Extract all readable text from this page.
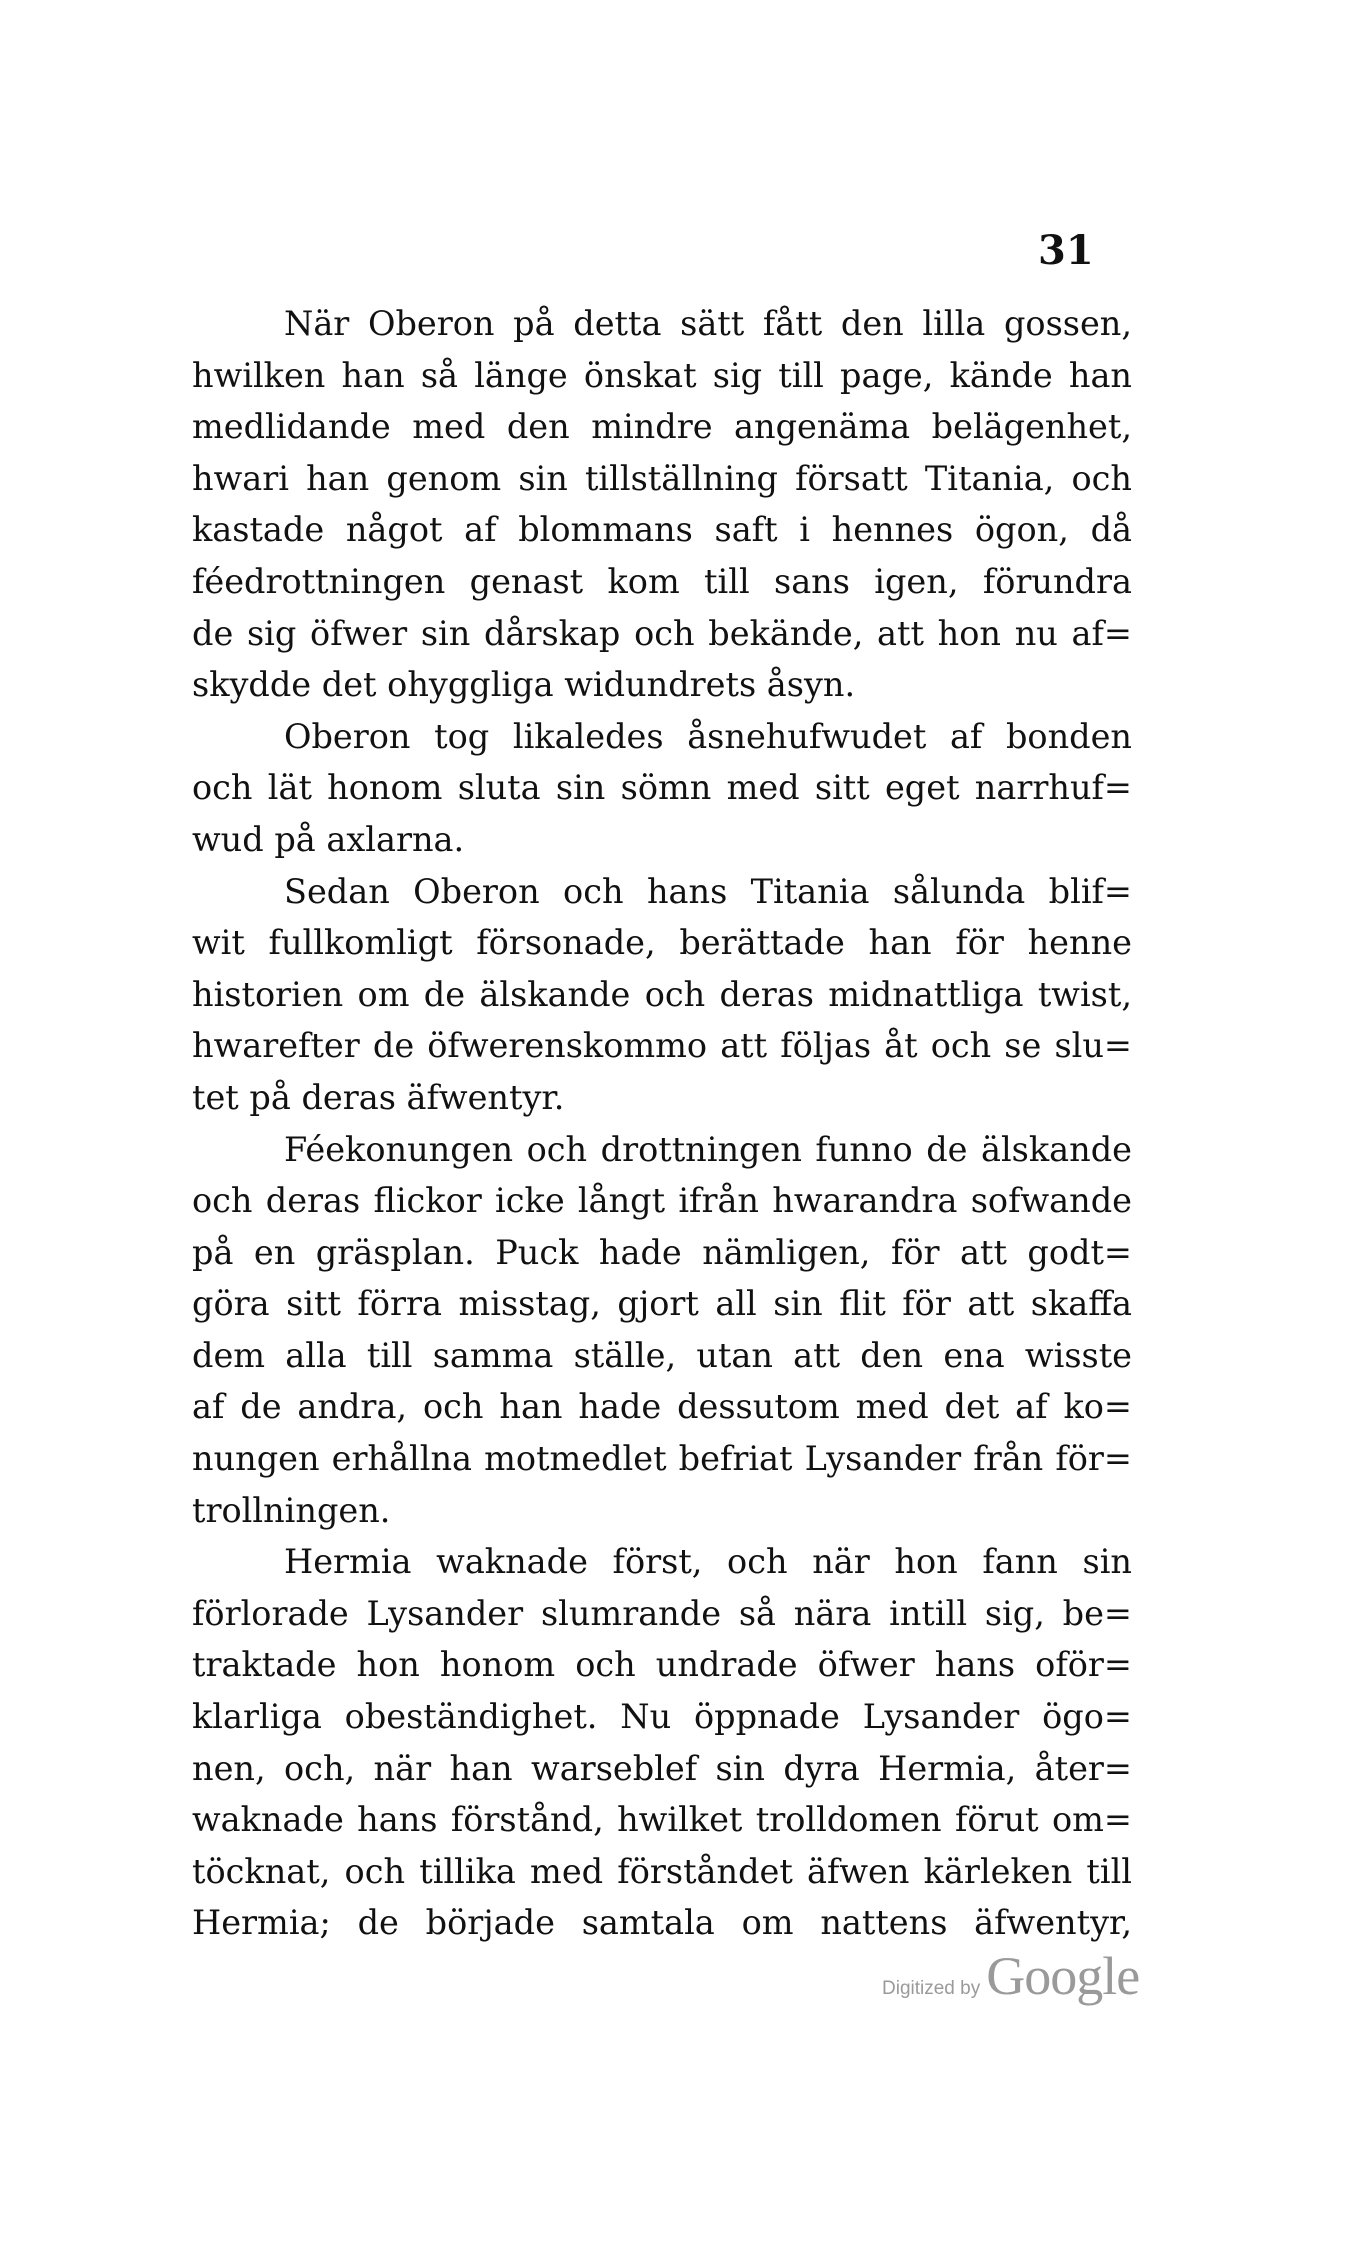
31
När Oberon på detta sätt fått den lilla gossen,
hwilken han så länge önskat sig till page, kände han
medlidande med den mindre angenäma belägenhet,
hwari han genom sin tillställning försatt Titania, och
kastade något af blommans saft i hennes ögon, då
féedrottningen genast kom till sans igen, förundra
de sig öfwer sin dårskap och bekände, att hon nu af=
skydde det ohyggliga widundrets åsyn.
Oberon tog likaledes åsnehufwudet af bonden
och lät honom sluta sin sömn med sitt eget narrhuf=
wud på axlarna.
Sedan Oberon och hans Titania sålunda blif=
wit fullkomligt försonade, berättade han för henne
historien om de älskande och deras midnattliga twist,
hwarefter de öfwerenskommo att följas åt och se slu=
tet på deras äfwentyr.
Féekonungen och drottningen funno de älskande
och deras flickor icke långt ifrån hwarandra sofwande
på en gräsplan. Puck hade nämligen, för att godt=
göra sitt förra misstag, gjort all sin flit för att skaffa
dem alla till samma ställe, utan att den ena wisste
af de andra, och han hade dessutom med det af ko=
nungen erhållna motmedlet befriat Lysander från för=
trollningen.
Hermia waknade först, och när hon fann sin
förlorade Lysander slumrande så nära intill sig, be=
traktade hon honom och undrade öfwer hans oför=
klarliga obeständighet. Nu öppnade Lysander ögo=
nen, och, när han warseblef sin dyra Hermia, åter=
waknade hans förstånd, hwilket trolldomen förut om=
töcknat, och tillika med förståndet äfwen kärleken till
Hermia; de började samtala om nattens äfwentyr,
Digitized by Google
